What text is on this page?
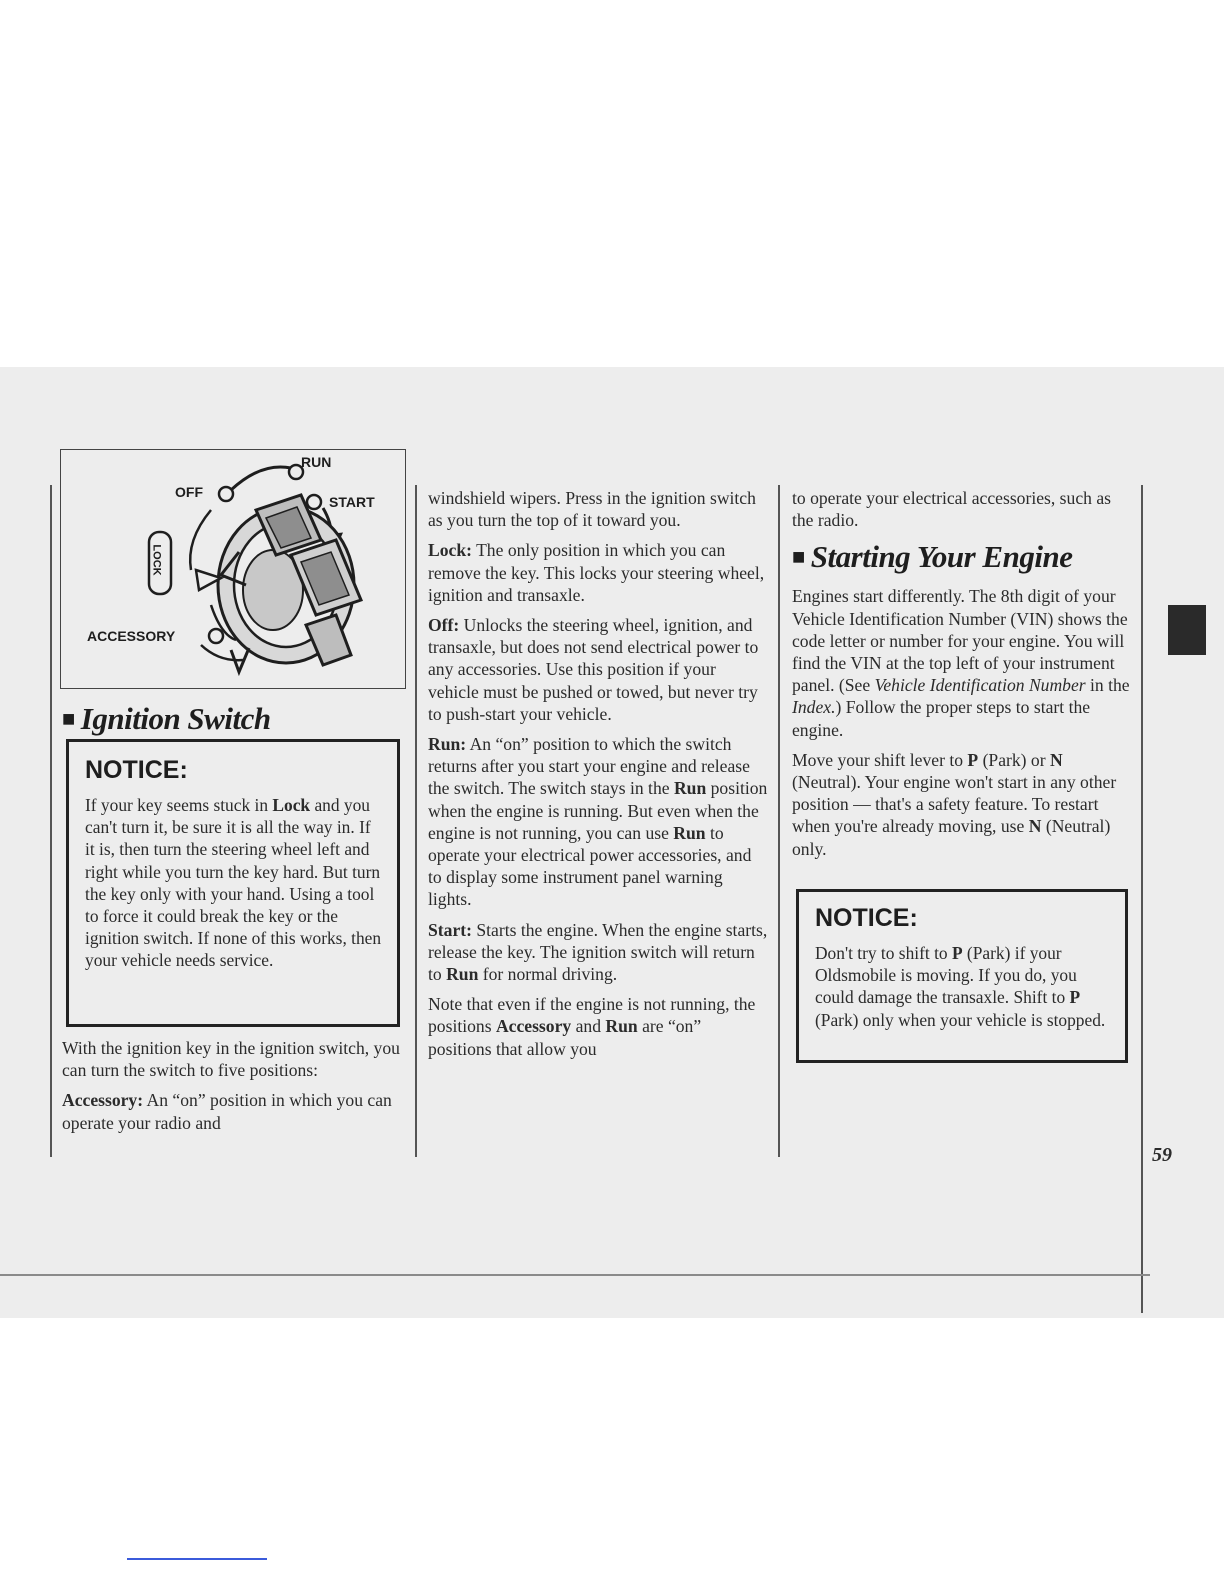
RUN
OFF
START
LOCK
ACCESSORY
■ Ignition Switch

NOTICE:

If your key seems stuck in Lock and you can't turn it, be sure it is all the way in. If it is, then turn the steering wheel left and right while you turn the key hard. But turn the key only with your hand. Using a tool to force it could break the key or the ignition switch. If none of this works, then your vehicle needs service.

With the ignition key in the ignition switch, you can turn the switch to five positions:

Accessory: An “on” position in which you can operate your radio and

windshield wipers. Press in the ignition switch as you turn the top of it toward you.

Lock: The only position in which you can remove the key. This locks your steering wheel, ignition and transaxle.

Off: Unlocks the steering wheel, ignition, and transaxle, but does not send electrical power to any accessories. Use this position if your vehicle must be pushed or towed, but never try to push-start your vehicle.

Run: An “on” position to which the switch returns after you start your engine and release the switch. The switch stays in the Run position when the engine is running. But even when the engine is not running, you can use Run to operate your electrical power accessories, and to display some instrument panel warning lights.

Start: Starts the engine. When the engine starts, release the key. The ignition switch will return to Run for normal driving.

Note that even if the engine is not running, the positions Accessory and Run are “on” positions that allow you

to operate your electrical accessories, such as the radio.

■ Starting Your Engine

Engines start differently. The 8th digit of your Vehicle Identification Number (VIN) shows the code letter or number for your engine. You will find the VIN at the top left of your instrument panel. (See Vehicle Identification Number in the Index.) Follow the proper steps to start the engine.

Move your shift lever to P (Park) or N (Neutral). Your engine won't start in any other position — that's a safety feature. To restart when you're already moving, use N (Neutral) only.

NOTICE:

Don't try to shift to P (Park) if your Oldsmobile is moving. If you do, you could damage the transaxle. Shift to P (Park) only when your vehicle is stopped.

59
